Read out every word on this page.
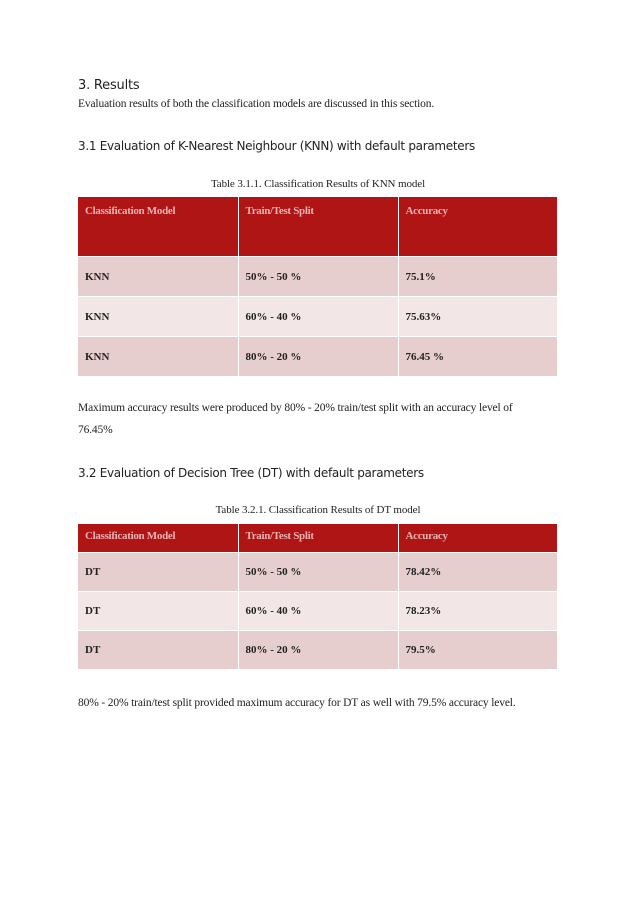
3. Results

Evaluation results of both the classification models are discussed in this section.

3.1 Evaluation of K-Nearest Neighbour (KNN) with default parameters

Table 3.1.1. Classification Results of KNN model

Classification Model	Train/Test Split	Accuracy
KNN	50% - 50 %	75.1%
KNN	60% - 40 %	75.63%
KNN	80% - 20 %	76.45 %

Maximum accuracy results were produced by 80% - 20% train/test split with an accuracy level of

76.45%

3.2 Evaluation of Decision Tree (DT) with default parameters

Table 3.2.1. Classification Results of DT model

Classification Model	Train/Test Split	Accuracy
DT	50% - 50 %	78.42%
DT	60% - 40 %	78.23%
DT	80% - 20 %	79.5%

80% - 20% train/test split provided maximum accuracy for DT as well with 79.5% accuracy level.
